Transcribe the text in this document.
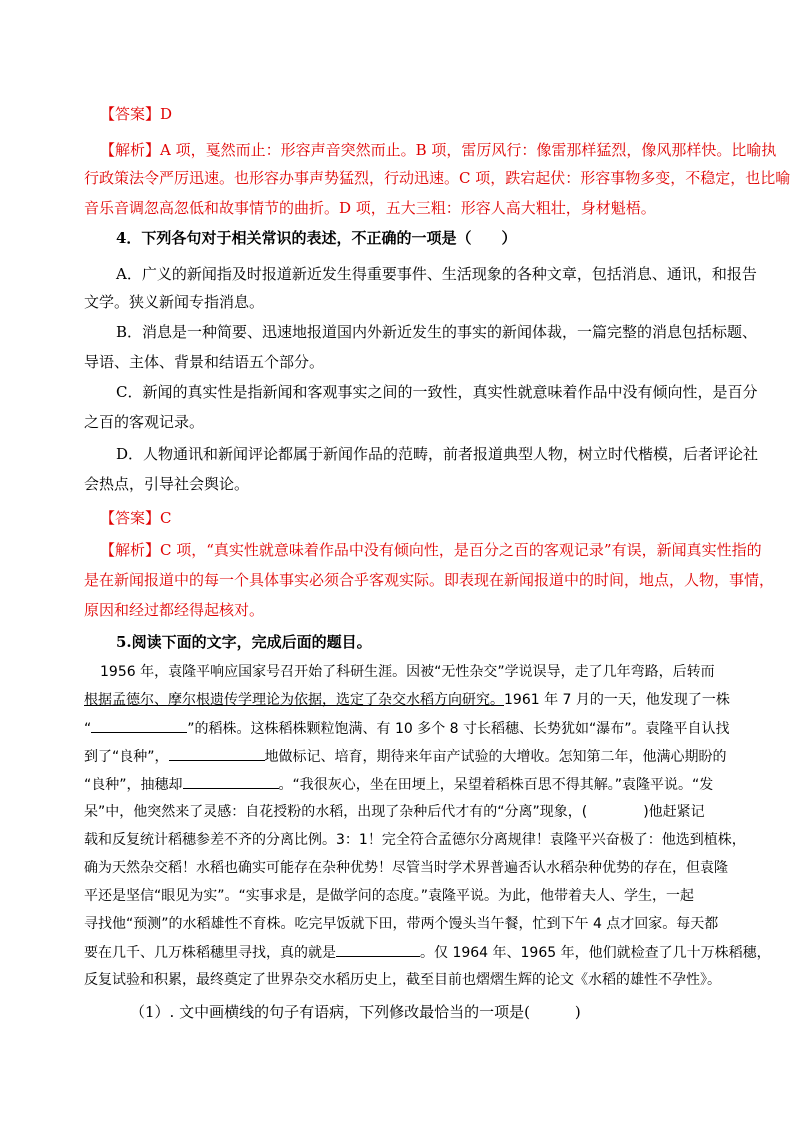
【答案】D
【解析】A 项，戛然而止：形容声音突然而止。B 项，雷厉风行：像雷那样猛烈，像风那样快。比喻执
行政策法令严厉迅速。也形容办事声势猛烈，行动迅速。C 项，跌宕起伏：形容事物多变，不稳定，也比喻
音乐音调忽高忽低和故事情节的曲折。D 项，五大三粗：形容人高大粗壮，身材魁梧。
4．下列各句对于相关常识的表述，不正确的一项是（　　）
A．广义的新闻指及时报道新近发生得重要事件、生活现象的各种文章，包括消息、通讯，和报告
文学。狭义新闻专指消息。
B．消息是一种简要、迅速地报道国内外新近发生的事实的新闻体裁，一篇完整的消息包括标题、
导语、主体、背景和结语五个部分。
C．新闻的真实性是指新闻和客观事实之间的一致性，真实性就意味着作品中没有倾向性，是百分
之百的客观记录。
D．人物通讯和新闻评论都属于新闻作品的范畴，前者报道典型人物，树立时代楷模，后者评论社
会热点，引导社会舆论。
【答案】C
【解析】C 项，“真实性就意味着作品中没有倾向性，是百分之百的客观记录”有误，新闻真实性指的
是在新闻报道中的每一个具体事实必须合乎客观实际。即表现在新闻报道中的时间，地点，人物，事情，
原因和经过都经得起核对。
5.阅读下面的文字，完成后面的题目。
1956 年，袁隆平响应国家号召开始了科研生涯。因被“无性杂交”学说误导，走了几年弯路，后转而
根据孟德尔、摩尔根遗传学理论为依据，选定了杂交水稻方向研究。1961 年 7 月的一天，他发现了一株
“	”的稻株。这株稻株颗粒饱满、有 10 多个 8 寸长稻穗、长势犹如“瀑布”。袁隆平自认找
到了“良种”，	地做标记、培育，期待来年亩产试验的大增收。怎知第二年，他满心期盼的
“良种”，抽穗却	。“我很灰心，坐在田埂上，呆望着稻株百思不得其解。”袁隆平说。“发
呆”中，他突然来了灵感：自花授粉的水稻，出现了杂种后代才有的“分离”现象，(　　　　)他赶紧记
载和反复统计稻穗参差不齐的分离比例。3：1！完全符合孟德尔分离规律！袁隆平兴奋极了：他选到植株，
确为天然杂交稻！水稻也确实可能存在杂种优势！尽管当时学术界普遍否认水稻杂种优势的存在，但袁隆
平还是坚信“眼见为实”。“实事求是，是做学问的态度。”袁隆平说。为此，他带着夫人、学生，一起
寻找他“预测”的水稻雄性不育株。吃完早饭就下田，带两个馒头当午餐，忙到下午 4 点才回家。每天都
要在几千、几万株稻穗里寻找，真的就是	。仅 1964 年、1965 年，他们就检查了几十万株稻穗，
反复试验和积累，最终奠定了世界杂交水稻历史上，截至目前也熠熠生辉的论文《水稻的雄性不孕性》。
（1）. 文中画横线的句子有语病，下列修改最恰当的一项是(　　　)
